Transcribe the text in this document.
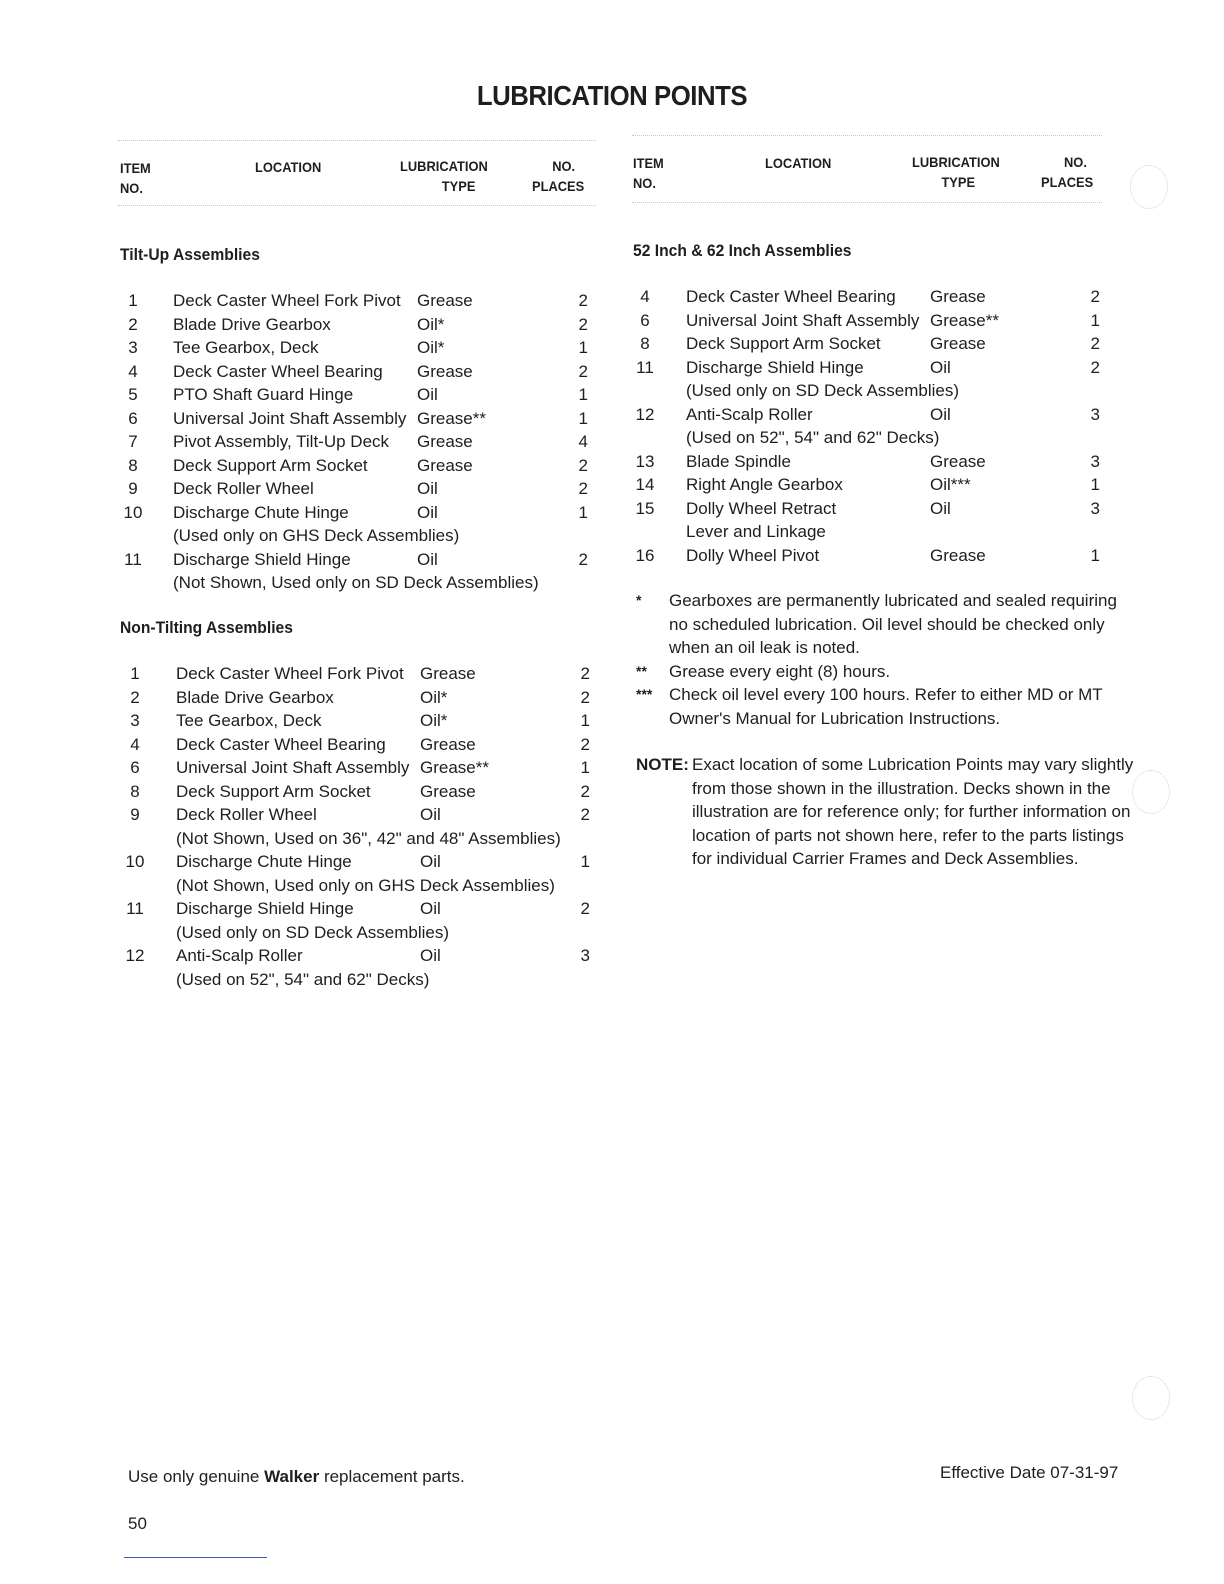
LUBRICATION POINTS
ITEM
NO.
LOCATION	LUBRICATION
TYPE
NO.
PLACES
ITEM
NO.
LOCATION	LUBRICATION
TYPE
NO.
PLACES
Tilt-Up Assemblies
Non-Tilting Assemblies
52 Inch & 62 Inch Assemblies
1	Deck Caster Wheel Fork Pivot Grease	2
2	Blade Drive Gearbox	Oil*	2
3	Tee Gearbox, Deck	Oil*	1
4	Deck Caster Wheel Bearing Grease	2
5	PTO Shaft Guard Hinge	Oil	1
6	Universal Joint Shaft Assembly Grease**	1
7	Pivot Assembly, Tilt-Up Deck Grease	4
8	Deck Support Arm Socket	Grease	2
9	Deck Roller Wheel	Oil	2
10	Discharge Chute Hinge	Oil	1
(Used only on GHS Deck Assemblies)
11	Discharge Shield Hinge	Oil	2
(Not Shown, Used only on SD Deck Assemblies)
1	Deck Caster Wheel Fork Pivot Grease	2
2	Blade Drive Gearbox	Oil*	2
3	Tee Gearbox, Deck	Oil*	1
4	Deck Caster Wheel Bearing Grease	2
6	Universal Joint Shaft Assembly Grease**	1
8	Deck Support Arm Socket	Grease	2
9	Deck Roller Wheel	Oil	2
(Not Shown, Used on 36", 42" and 48" Assemblies)
10	Discharge Chute Hinge	Oil	1
(Not Shown, Used only on GHS Deck Assemblies)
11	Discharge Shield Hinge	Oil	2
(Used only on SD Deck Assemblies)
12	Anti-Scalp Roller	Oil	3
(Used on 52", 54" and 62" Decks)
4	Deck Caster Wheel Bearing Grease	2
6	Universal Joint Shaft Assembly Grease**	1
8	Deck Support Arm Socket	Grease	2
11	Discharge Shield Hinge	Oil	2
(Used only on SD Deck Assemblies)
12	Anti-Scalp Roller	Oil	3
(Used on 52", 54" and 62" Decks)
13	Blade Spindle	Grease	3
14	Right Angle Gearbox	Oil***	1
15	Dolly Wheel Retract	Oil	3
Lever and Linkage
16	Dolly Wheel Pivot	Grease	1
* Gearboxes are permanently lubricated and sealed requiring
no scheduled lubrication. Oil level should be checked only
when an oil leak is noted.
** Grease every eight (8) hours.
*** Check oil level every 100 hours. Refer to either MD or MT
Owner's Manual for Lubrication Instructions.
NOTE: Exact location of some Lubrication Points may vary slightly
from those shown in the illustration. Decks shown in the
illustration are for reference only; for further information on
location of parts not shown here, refer to the parts listings
for individual Carrier Frames and Deck Assemblies.
Use only genuine Walker replacement parts.	Effective Date 07-31-97
50
